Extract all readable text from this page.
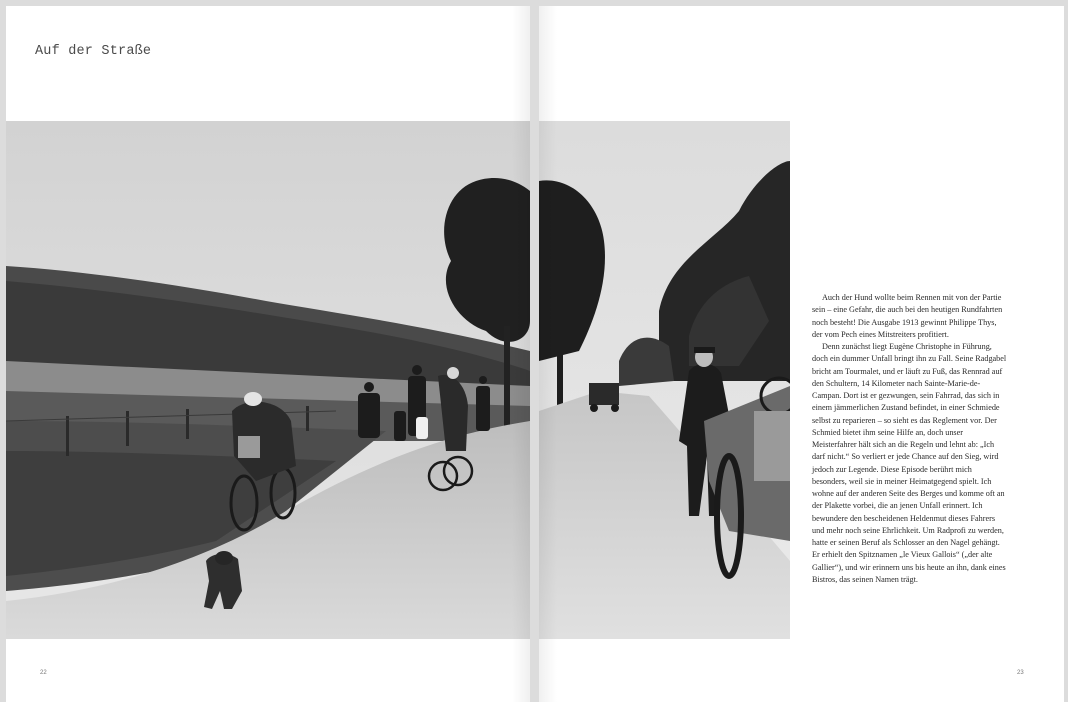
Auf der Straße
22

Auch der Hund wollte beim Rennen mit von der Partie sein – eine Gefahr, die auch bei den heutigen Rundfahrten noch besteht! Die Ausgabe 1913 gewinnt Philippe Thys, der vom Pech eines Mitstreiters profitiert.

Denn zunächst liegt Eugène Christophe in Führung, doch ein dummer Unfall bringt ihn zu Fall. Seine Radgabel bricht am Tourmalet, und er läuft zu Fuß, das Rennrad auf den Schultern, 14 Kilometer nach Sainte-Marie-de-Campan. Dort ist er gezwungen, sein Fahrrad, das sich in einem jämmerlichen Zustand befindet, in einer Schmiede selbst zu reparieren – so sieht es das Reglement vor. Der Schmied bietet ihm seine Hilfe an, doch unser Meisterfahrer hält sich an die Regeln und lehnt ab: „Ich darf nicht.“ So verliert er jede Chance auf den Sieg, wird jedoch zur Legende. Diese Episode berührt mich besonders, weil sie in meiner Heimatgegend spielt. Ich wohne auf der anderen Seite des Berges und komme oft an der Plakette vorbei, die an jenen Unfall erinnert. Ich bewundere den bescheidenen Heldenmut dieses Fahrers und mehr noch seine Ehrlichkeit. Um Radprofi zu werden, hatte er seinen Beruf als Schlosser an den Nagel gehängt. Er erhielt den Spitznamen „le Vieux Gallois“ („der alte Gallier“), und wir erinnern uns bis heute an ihn, dank eines Bistros, das seinen Namen trägt.

23
